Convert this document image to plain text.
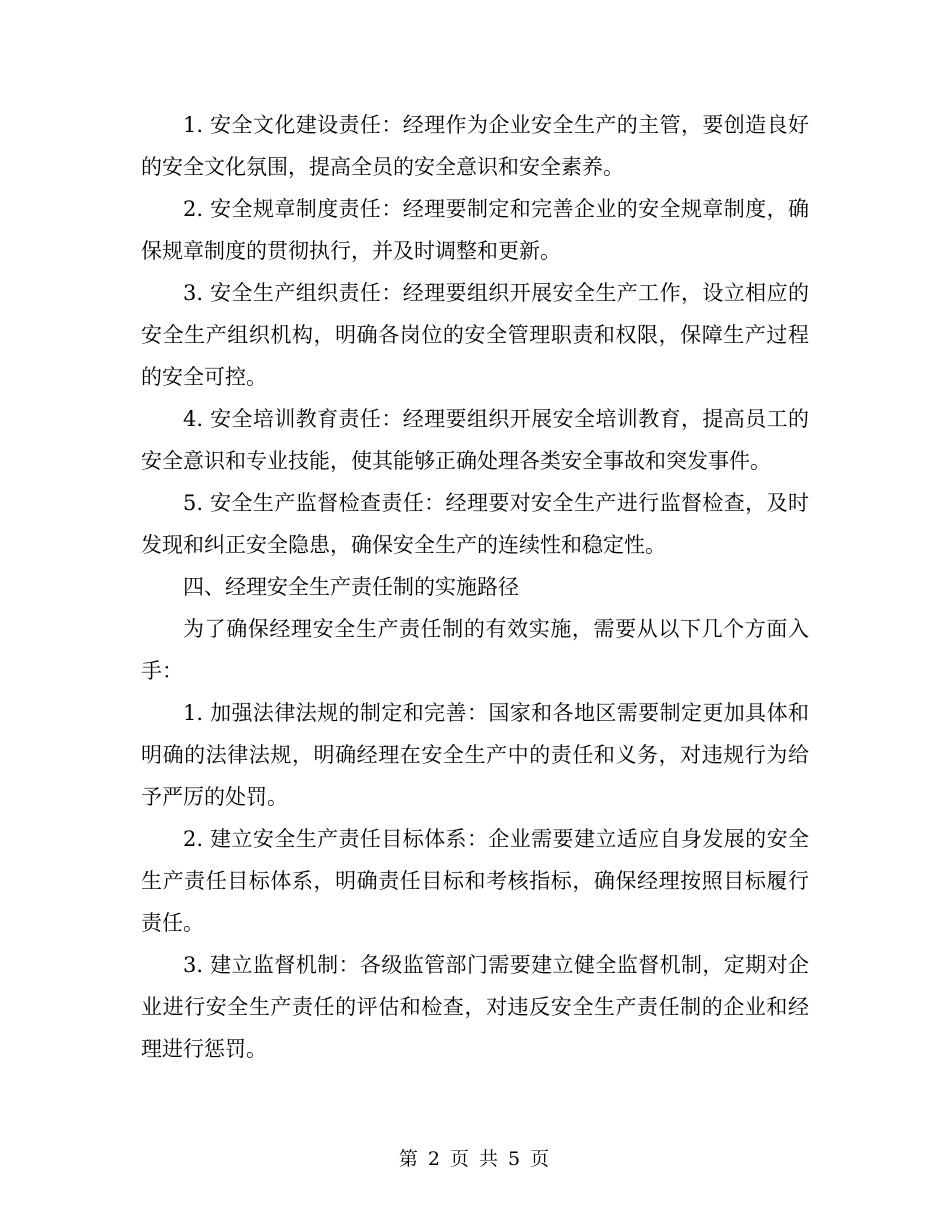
1. 安全文化建设责任：经理作为企业安全生产的主管，要创造良好的安全文化氛围，提高全员的安全意识和安全素养。

2. 安全规章制度责任：经理要制定和完善企业的安全规章制度，确保规章制度的贯彻执行，并及时调整和更新。

3. 安全生产组织责任：经理要组织开展安全生产工作，设立相应的安全生产组织机构，明确各岗位的安全管理职责和权限，保障生产过程的安全可控。

4. 安全培训教育责任：经理要组织开展安全培训教育，提高员工的安全意识和专业技能，使其能够正确处理各类安全事故和突发事件。

5. 安全生产监督检查责任：经理要对安全生产进行监督检查，及时发现和纠正安全隐患，确保安全生产的连续性和稳定性。

四、经理安全生产责任制的实施路径

为了确保经理安全生产责任制的有效实施，需要从以下几个方面入手：

1. 加强法律法规的制定和完善：国家和各地区需要制定更加具体和明确的法律法规，明确经理在安全生产中的责任和义务，对违规行为给予严厉的处罚。

2. 建立安全生产责任目标体系：企业需要建立适应自身发展的安全生产责任目标体系，明确责任目标和考核指标，确保经理按照目标履行责任。

3. 建立监督机制：各级监管部门需要建立健全监督机制，定期对企业进行安全生产责任的评估和检查，对违反安全生产责任制的企业和经理进行惩罚。

第 2 页 共 5 页
